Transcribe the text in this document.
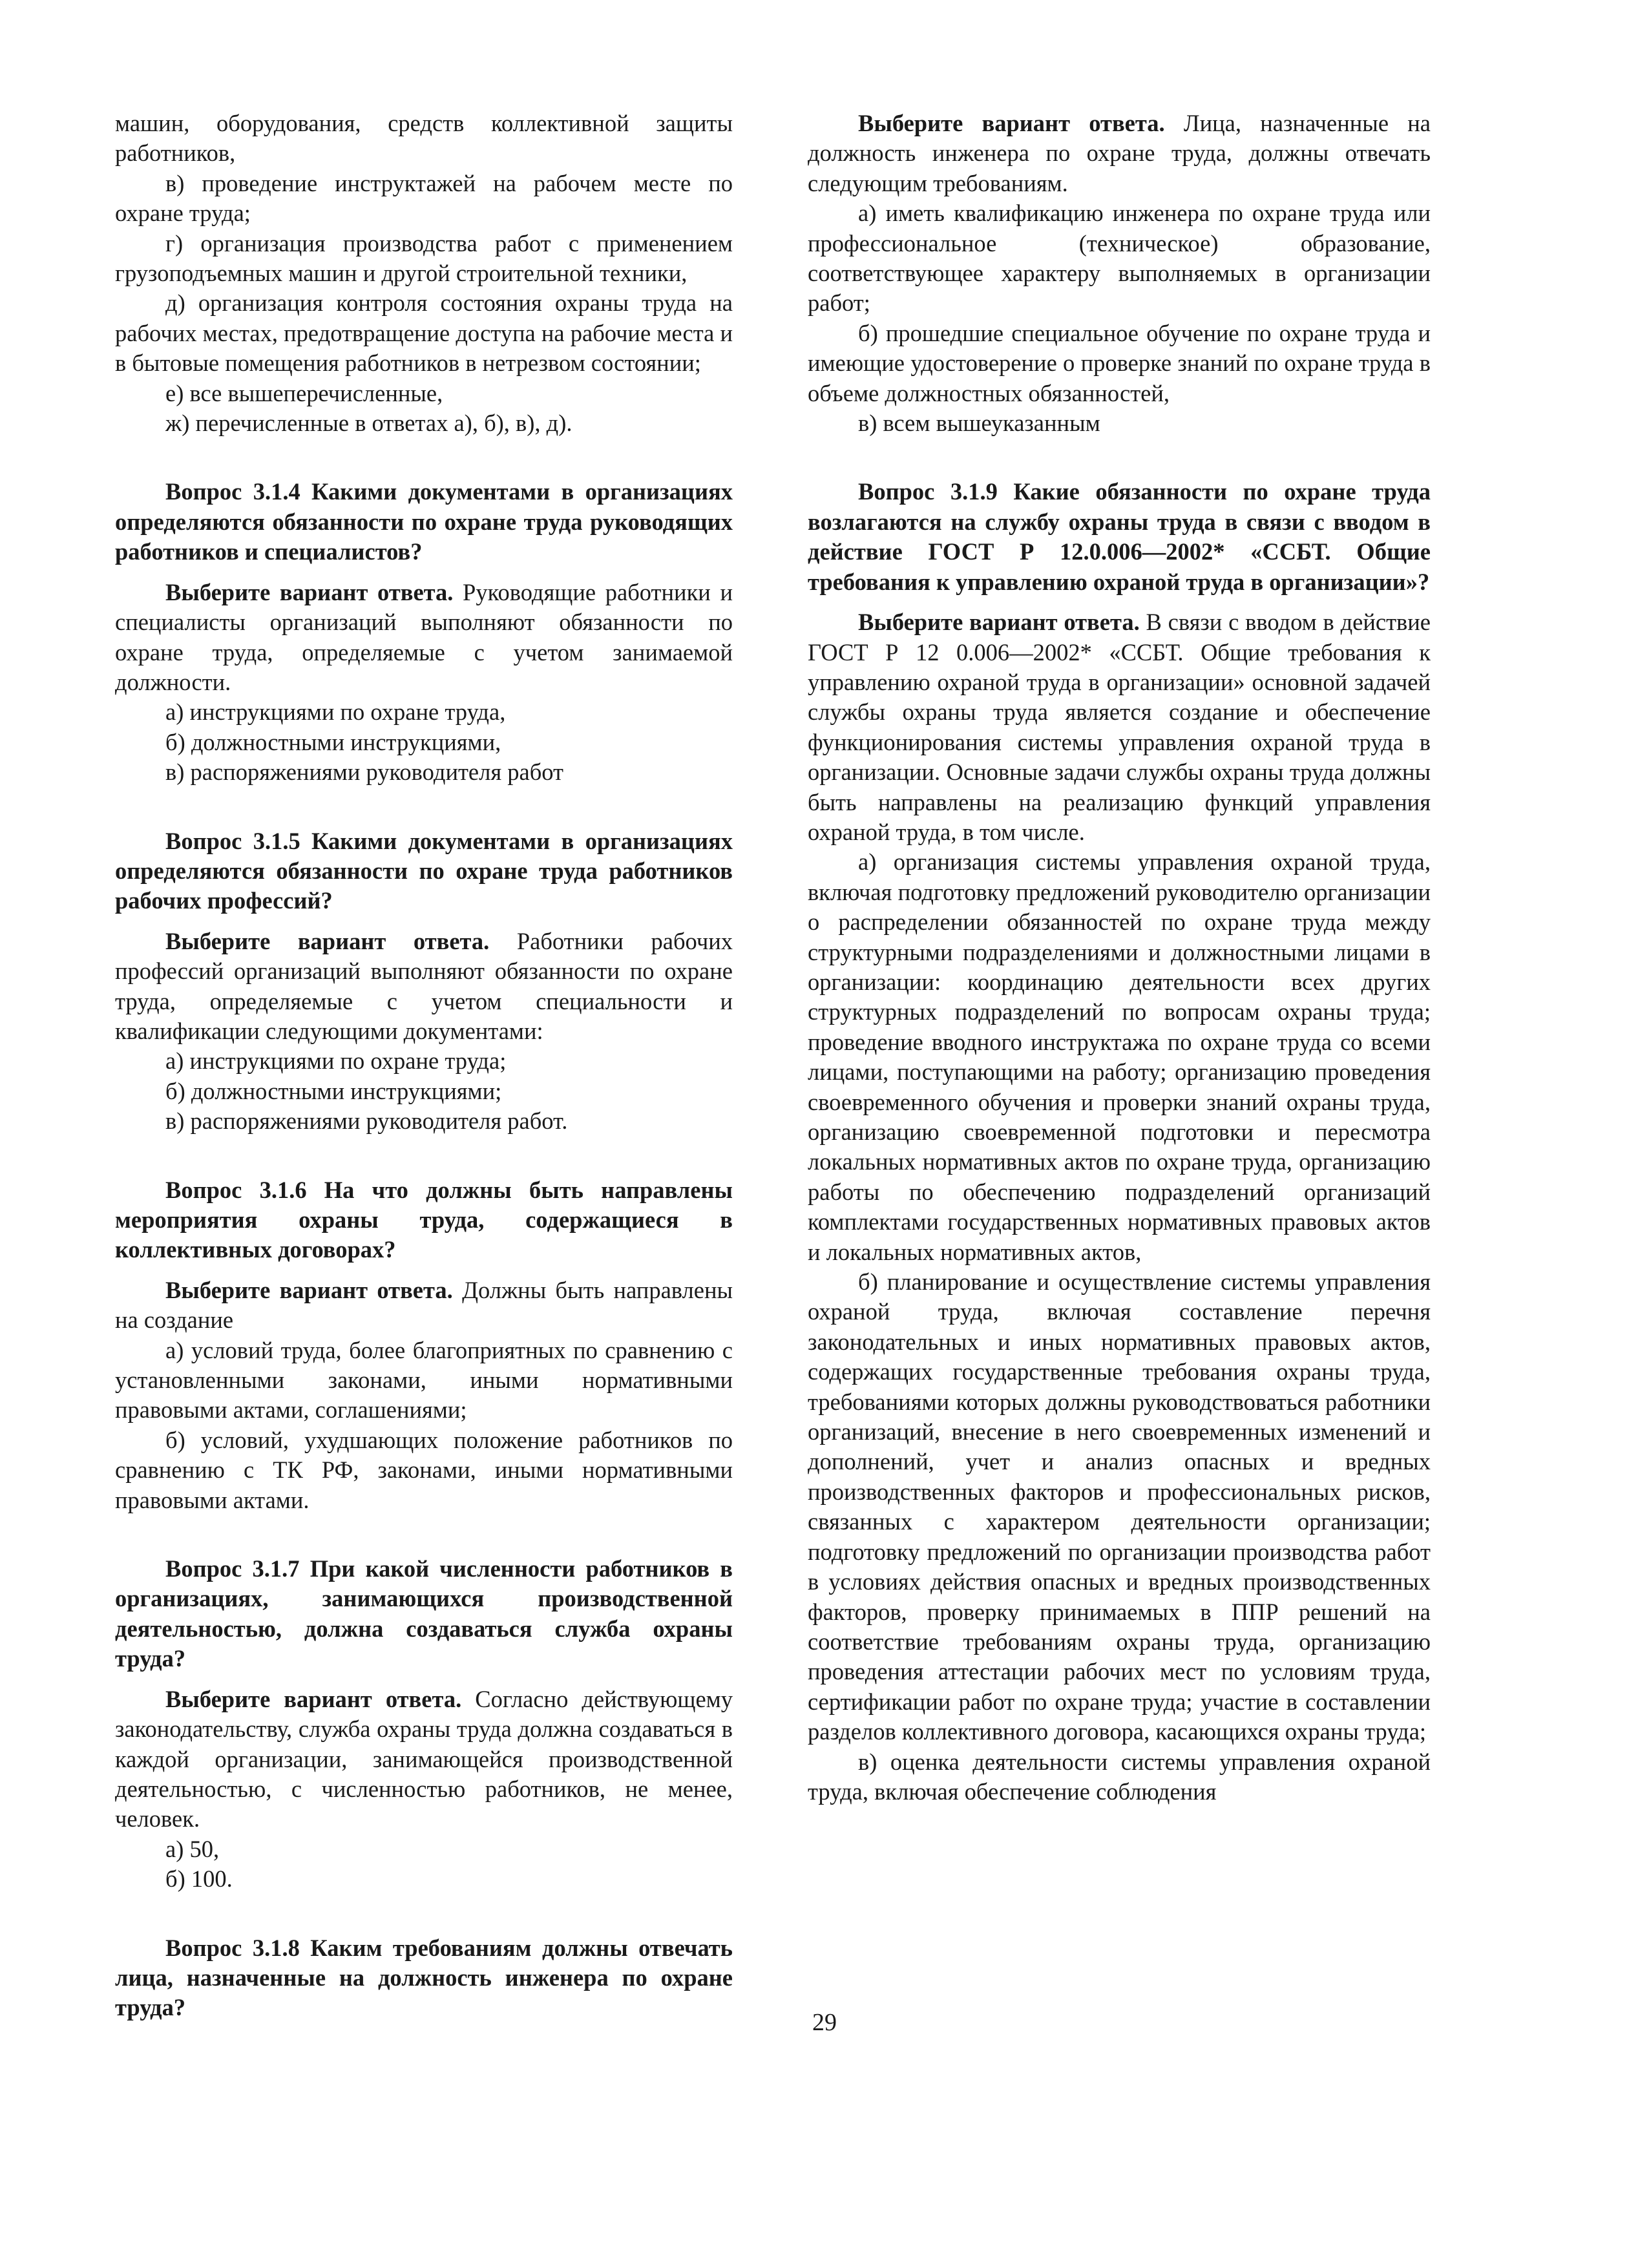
машин, оборудования, средств коллективной защиты работников,

в) проведение инструктажей на рабочем месте по охране труда;

г) организация производства работ с применением грузоподъемных машин и другой строительной техники,

д) организация контроля состояния охраны труда на рабочих местах, предотвращение доступа на рабочие места и в бытовые помещения работников в нетрезвом состоянии;

е) все вышеперечисленные,

ж) перечисленные в ответах а), б), в), д).

Вопрос 3.1.4 Какими документами в организациях определяются обязанности по охране труда руководящих работников и специалистов?

Выберите вариант ответа. Руководящие работники и специалисты организаций выполняют обязанности по охране труда, определяемые с учетом занимаемой должности.

а) инструкциями по охране труда,

б) должностными инструкциями,

в) распоряжениями руководителя работ

Вопрос 3.1.5 Какими документами в организациях определяются обязанности по охране труда работников рабочих профессий?

Выберите вариант ответа. Работники рабочих профессий организаций выполняют обязанности по охране труда, определяемые с учетом специальности и квалификации следующими документами:

а) инструкциями по охране труда;

б) должностными инструкциями;

в) распоряжениями руководителя работ.

Вопрос 3.1.6 На что должны быть направлены мероприятия охраны труда, содержащиеся в коллективных договорах?

Выберите вариант ответа. Должны быть направлены на создание

а) условий труда, более благоприятных по сравнению с установленными законами, иными нормативными правовыми актами, соглашениями;

б) условий, ухудшающих положение работников по сравнению с ТК РФ, законами, иными нормативными правовыми актами.

Вопрос 3.1.7 При какой численности работников в организациях, занимающихся производственной деятельностью, должна создаваться служба охраны труда?

Выберите вариант ответа. Согласно действующему законодательству, служба охраны труда должна создаваться в каждой организации, занимающейся производственной деятельностью, с численностью работников, не менее, человек.

а) 50,

б) 100.

Вопрос 3.1.8 Каким требованиям должны отвечать лица, назначенные на должность инженера по охране труда?

Выберите вариант ответа. Лица, назначенные на должность инженера по охране труда, должны отвечать следующим требованиям.

а) иметь квалификацию инженера по охране труда или профессиональное (техническое) образование, соответствующее характеру выполняемых в организации работ;

б) прошедшие специальное обучение по охране труда и имеющие удостоверение о проверке знаний по охране труда в объеме должностных обязанностей,

в) всем вышеуказанным

Вопрос 3.1.9 Какие обязанности по охране труда возлагаются на службу охраны труда в связи с вводом в действие ГОСТ Р 12.0.006—2002* «ССБТ. Общие требования к управлению охраной труда в организации»?

Выберите вариант ответа. В связи с вводом в действие ГОСТ Р 12 0.006—2002* «ССБТ. Общие требования к управлению охраной труда в организации» основной задачей службы охраны труда является создание и обеспечение функционирования системы управления охраной труда в организации. Основные задачи службы охраны труда должны быть направлены на реализацию функций управления охраной труда, в том числе.

а) организация системы управления охраной труда, включая подготовку предложений руководителю организации о распределении обязанностей по охране труда между структурными подразделениями и должностными лицами в организации: координацию деятельности всех других структурных подразделений по вопросам охраны труда; проведение вводного инструктажа по охране труда со всеми лицами, поступающими на работу; организацию проведения своевременного обучения и проверки знаний охраны труда, организацию своевременной подготовки и пересмотра локальных нормативных актов по охране труда, организацию работы по обеспечению подразделений организаций комплектами государственных нормативных правовых актов и локальных нормативных актов,

б) планирование и осуществление системы управления охраной труда, включая составление перечня законодательных и иных нормативных правовых актов, содержащих государственные требования охраны труда, требованиями которых должны руководствоваться работники организаций, внесение в него своевременных изменений и дополнений, учет и анализ опасных и вредных производственных факторов и профессиональных рисков, связанных с характером деятельности организации; подготовку предложений по организации производства работ в условиях действия опасных и вредных производственных факторов, проверку принимаемых в ППР решений на соответствие требованиям охраны труда, организацию проведения аттестации рабочих мест по условиям труда, сертификации работ по охране труда; участие в составлении разделов коллективного договора, касающихся охраны труда;

в) оценка деятельности системы управления охраной труда, включая обеспечение соблюдения

29
